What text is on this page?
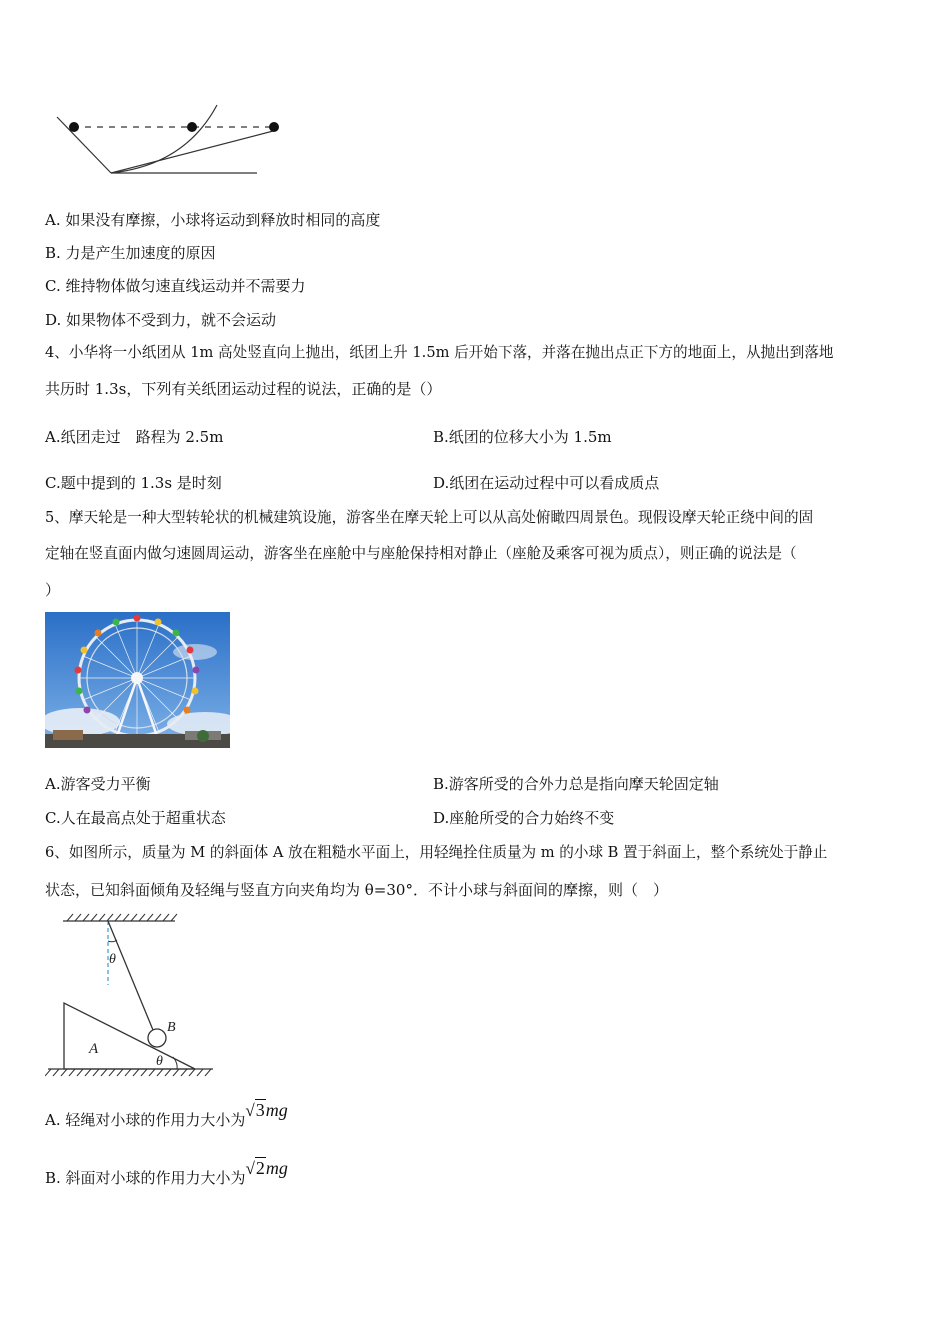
A. 如果没有摩擦，小球将运动到释放时相同的高度
B. 力是产生加速度的原因
C. 维持物体做匀速直线运动并不需要力
D. 如果物体不受到力，就不会运动
4、小华将一小纸团从 1m 高处竖直向上抛出，纸团上升 1.5m 后开始下落，并落在抛出点正下方的地面上，从抛出到落地
共历时 1.3s，下列有关纸团运动过程的说法，正确的是（）
A.纸团走过　路程为 2.5m	B.纸团的位移大小为 1.5m
C.题中提到的 1.3s 是时刻	D.纸团在运动过程中可以看成质点
5、摩天轮是一种大型转轮状的机械建筑设施，游客坐在摩天轮上可以从高处俯瞰四周景色。现假设摩天轮正绕中间的固
定轴在竖直面内做匀速圆周运动，游客坐在座舱中与座舱保持相对静止（座舱及乘客可视为质点），则正确的说法是（
）
A.游客受力平衡	B.游客所受的合外力总是指向摩天轮固定轴
C.人在最高点处于超重状态	D.座舱所受的合力始终不变
6、如图所示，质量为 M 的斜面体 A 放在粗糙水平面上，用轻绳拴住质量为 m 的小球 B 置于斜面上，整个系统处于静止
状态，已知斜面倾角及轻绳与竖直方向夹角均为 θ=30°．不计小球与斜面间的摩擦，则（　）
θ
B
A
θ
A. 轻绳对小球的作用力大小为√3mg
B. 斜面对小球的作用力大小为√2mg
